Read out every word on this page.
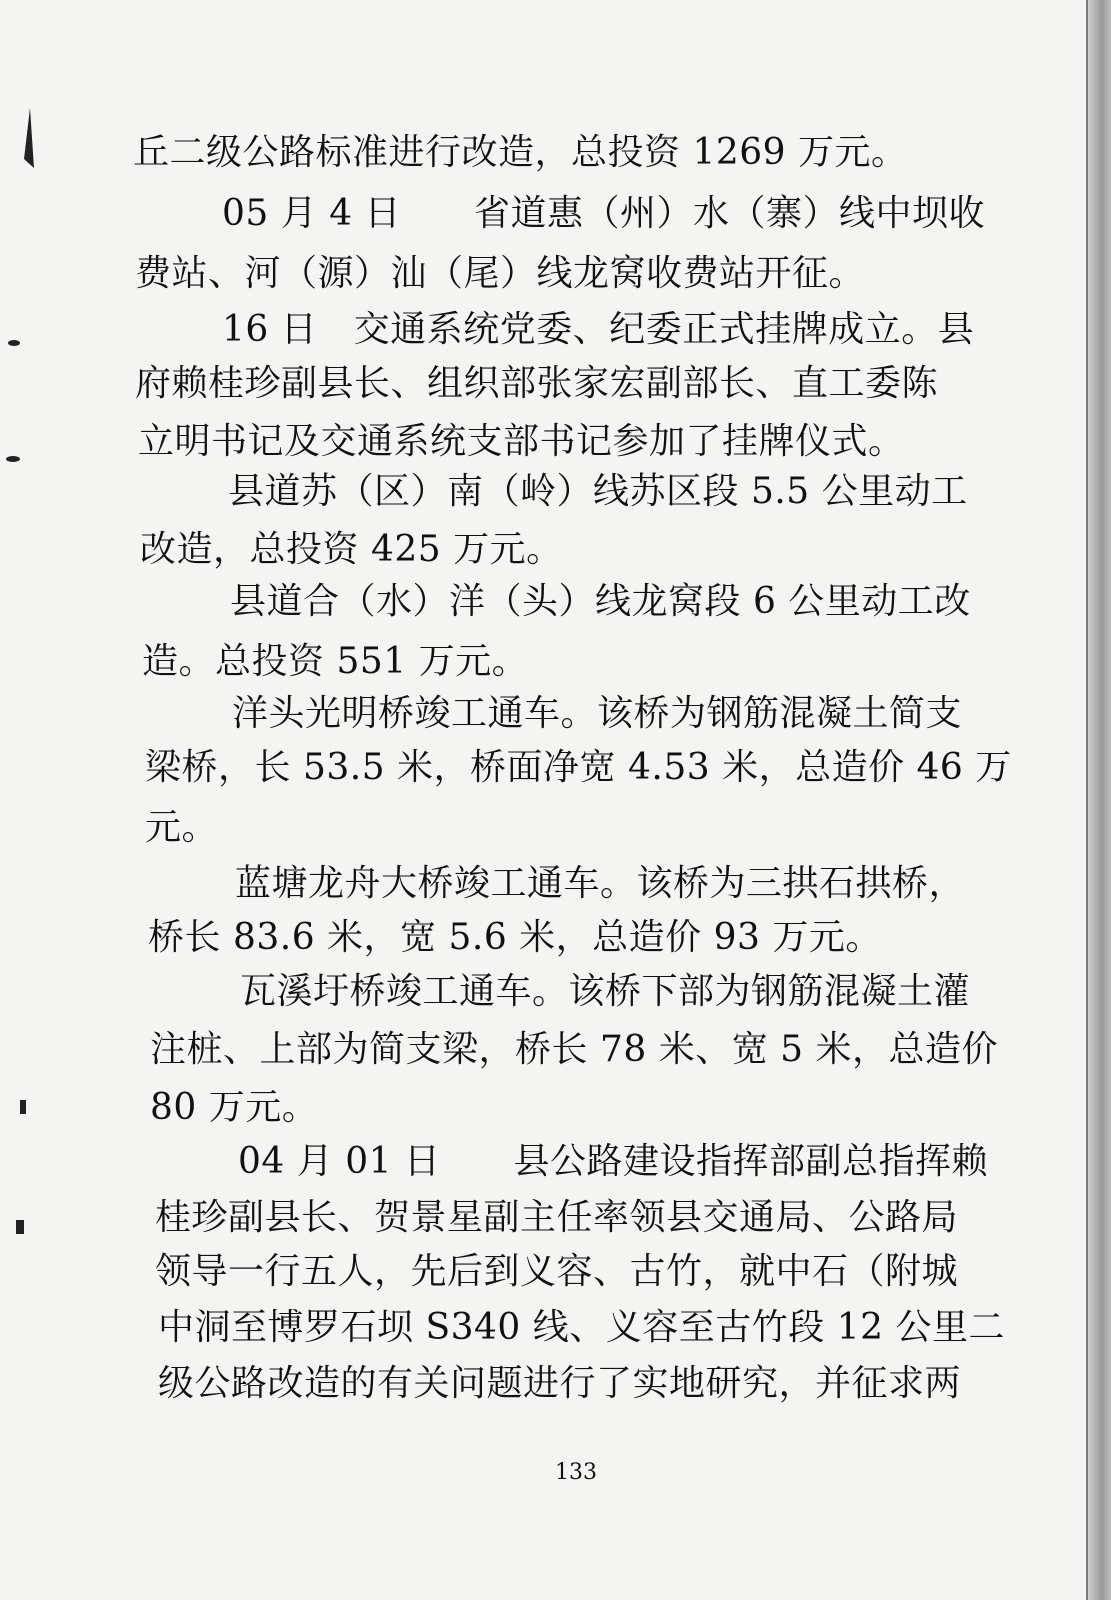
丘二级公路标准进行改造，总投资 1269 万元。
05 月 4 日　　省道惠（州）水（寨）线中坝收
费站、河（源）汕（尾）线龙窝收费站开征。
16 日　交通系统党委、纪委正式挂牌成立。县
府赖桂珍副县长、组织部张家宏副部长、直工委陈
立明书记及交通系统支部书记参加了挂牌仪式。
县道苏（区）南（岭）线苏区段 5.5 公里动工
改造，总投资 425 万元。
县道合（水）洋（头）线龙窝段 6 公里动工改
造。总投资 551 万元。
洋头光明桥竣工通车。该桥为钢筋混凝土简支
梁桥，长 53.5 米，桥面净宽 4.53 米，总造价 46 万
元。
蓝塘龙舟大桥竣工通车。该桥为三拱石拱桥，
桥长 83.6 米，宽 5.6 米，总造价 93 万元。
瓦溪圩桥竣工通车。该桥下部为钢筋混凝土灌
注桩、上部为简支梁，桥长 78 米、宽 5 米，总造价
80 万元。
04 月 01 日　　县公路建设指挥部副总指挥赖
桂珍副县长、贺景星副主任率领县交通局、公路局
领导一行五人，先后到义容、古竹，就中石（附城
中洞至博罗石坝 S340 线、义容至古竹段 12 公里二
级公路改造的有关问题进行了实地研究，并征求两
133
